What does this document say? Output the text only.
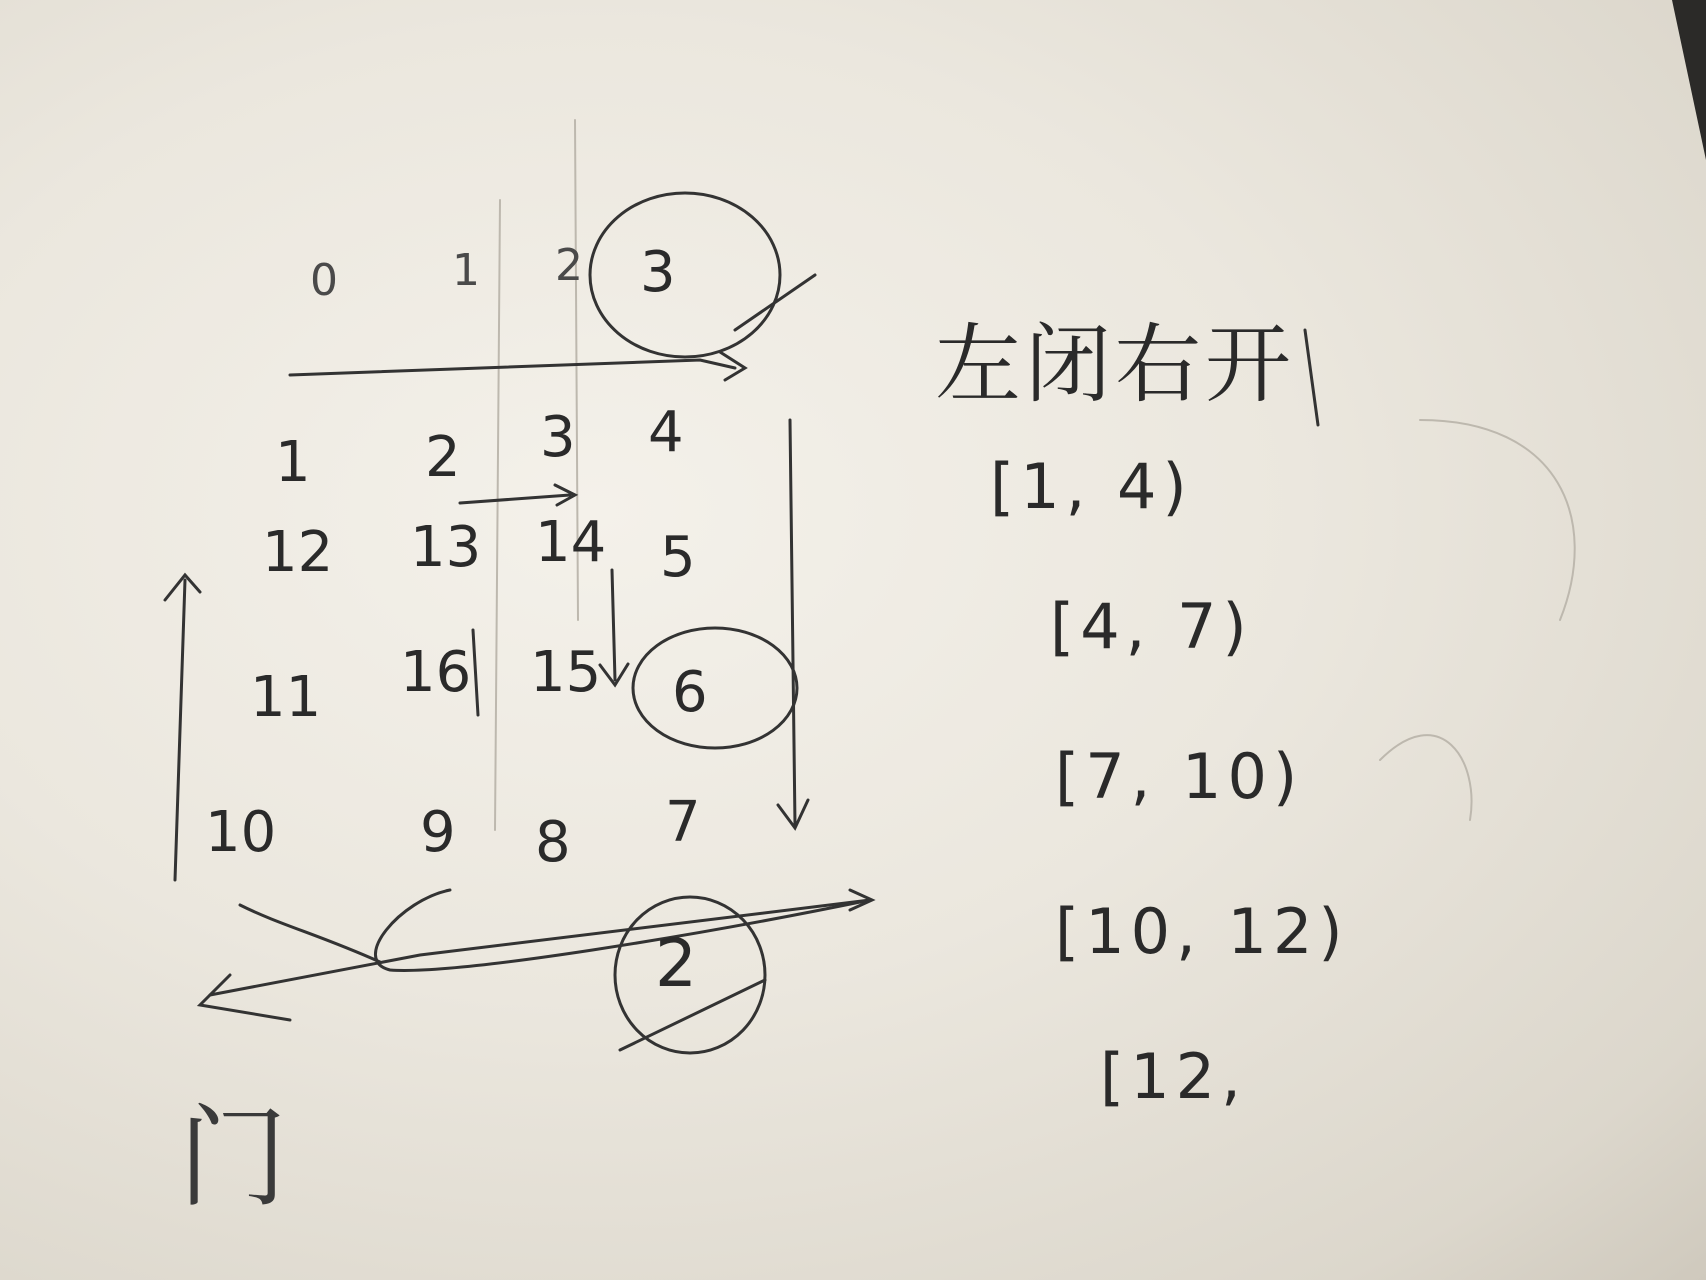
0	1 2 3
1 2 3 4
12 13 14 5
11 16 15 6
10	9 8 7
2
左闭右开
[1, 4)
[4, 7)
[7, 10)
[10, 12)
[12,
门
